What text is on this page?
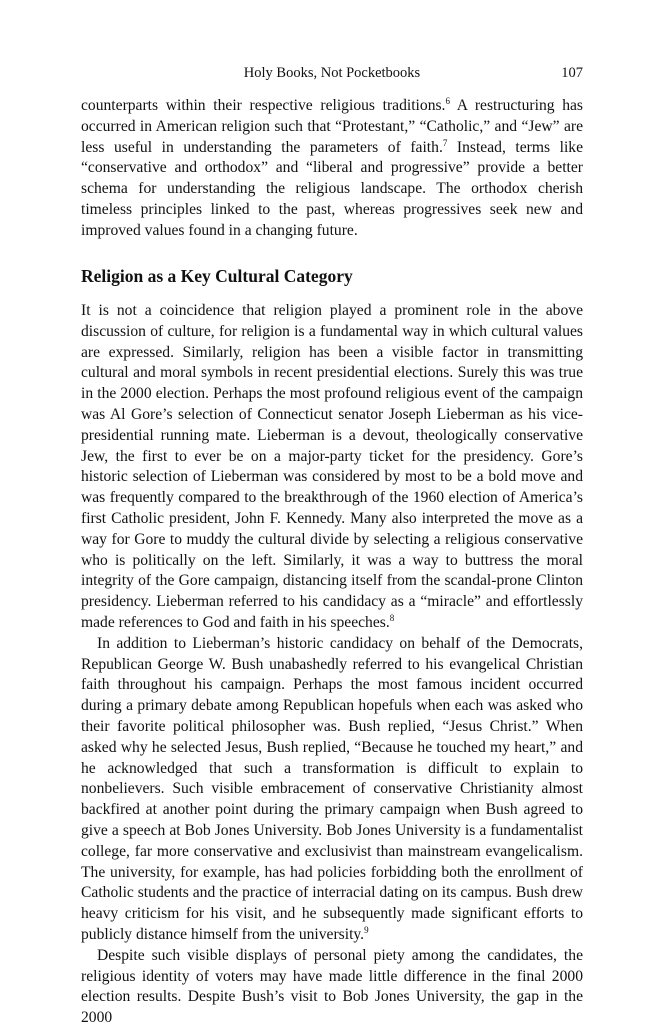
Holy Books, Not Pocketbooks	107

counterparts within their respective religious traditions.$^6$ A restructuring has occurred in American religion such that “Protestant,” “Catholic,” and “Jew” are less useful in understanding the parameters of faith.$^7$ Instead, terms like “conservative and orthodox” and “liberal and progressive” provide a better schema for understanding the religious landscape. The orthodox cherish timeless principles linked to the past, whereas progressives seek new and improved values found in a changing future.

Religion as a Key Cultural Category

It is not a coincidence that religion played a prominent role in the above discussion of culture, for religion is a fundamental way in which cultural values are expressed. Similarly, religion has been a visible factor in transmitting cultural and moral symbols in recent presidential elections. Surely this was true in the 2000 election. Perhaps the most profound religious event of the campaign was Al Gore’s selection of Connecticut senator Joseph Lieberman as his vice-presidential running mate. Lieberman is a devout, theologically conservative Jew, the first to ever be on a major-party ticket for the presidency. Gore’s historic selection of Lieberman was considered by most to be a bold move and was frequently compared to the breakthrough of the 1960 election of America’s first Catholic president, John F. Kennedy. Many also interpreted the move as a way for Gore to muddy the cultural divide by selecting a religious conservative who is politically on the left. Similarly, it was a way to buttress the moral integrity of the Gore campaign, distancing itself from the scandal-prone Clinton presidency. Lieberman referred to his candidacy as a “miracle” and effortlessly made references to God and faith in his speeches.$^8$

In addition to Lieberman’s historic candidacy on behalf of the Democrats, Republican George W. Bush unabashedly referred to his evangelical Christian faith throughout his campaign. Perhaps the most famous incident occurred during a primary debate among Republican hopefuls when each was asked who their favorite political philosopher was. Bush replied, “Jesus Christ.” When asked why he selected Jesus, Bush replied, “Because he touched my heart,” and he acknowledged that such a transformation is difficult to explain to nonbelievers. Such visible embracement of conservative Christianity almost backfired at another point during the primary campaign when Bush agreed to give a speech at Bob Jones University. Bob Jones University is a fundamentalist college, far more conservative and exclusivist than mainstream evangelicalism. The university, for example, has had policies forbidding both the enrollment of Catholic students and the practice of interracial dating on its campus. Bush drew heavy criticism for his visit, and he subsequently made significant efforts to publicly distance himself from the university.$^9$

Despite such visible displays of personal piety among the candidates, the religious identity of voters may have made little difference in the final 2000 election results. Despite Bush’s visit to Bob Jones University, the gap in the 2000
